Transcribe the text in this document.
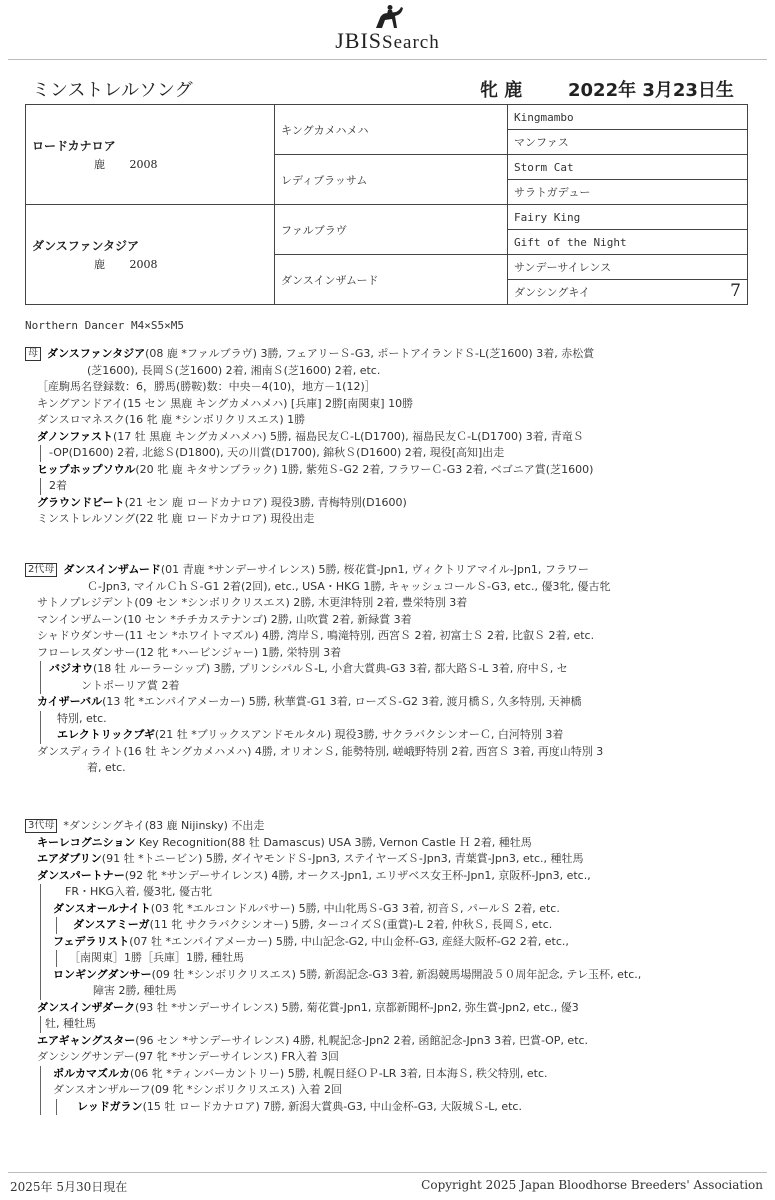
JBISSearch
ミンストレルソング	牝 鹿	2022年 3月23日生
ロードカナロア
鹿 2008	キングカメハメハ	Kingmambo
		マンファス
	レディブラッサム	Storm Cat
		サラトガデュー

ダンスファンタジア
鹿 2008	ファルブラヴ	Fairy King
		Gift of the Night
	ダンスインザムード	サンデーサイレンス
		ダンシングキイ 7
Northern Dancer M4×S5×M5
母 ダンスファンタジア(08 鹿 *ファルブラヴ) 3勝, フェアリーＳ-G3, ポートアイランドＳ-L(芝1600) 3着, 赤松賞
(芝1600), 長岡Ｓ(芝1600) 2着, 湘南Ｓ(芝1600) 2着, etc.
［産駒馬名登録数：6，勝馬(勝鞍)数：中央－4(10)，地方－1(12)］
キングアンドアイ(15 セン 黒鹿 キングカメハメハ) [兵庫] 2勝[南関東] 10勝
ダンスロマネスク(16 牝 鹿 *シンボリクリスエス) 1勝
ダノンファスト(17 牡 黒鹿 キングカメハメハ) 5勝, 福島民友Ｃ-L(D1700), 福島民友Ｃ-L(D1700) 3着, 青竜Ｓ
-OP(D1600) 2着, 北総Ｓ(D1800), 天の川賞(D1700), 錦秋Ｓ(D1600) 2着, 現役[高知]出走
ヒップホップソウル(20 牝 鹿 キタサンブラック) 1勝, 紫苑Ｓ-G2 2着, フラワーＣ-G3 2着, ベゴニア賞(芝1600)
2着
グラウンドビート(21 セン 鹿 ロードカナロア) 現役3勝, 青梅特別(D1600)
ミンストレルソング(22 牝 鹿 ロードカナロア) 現役出走
2代母 ダンスインザムード(01 青鹿 *サンデーサイレンス) 5勝, 桜花賞-Jpn1, ヴィクトリアマイル-Jpn1, フラワー
Ｃ-Jpn3, マイルＣｈＳ-G1 2着(2回), etc., USA・HKG 1勝, キャッシュコールＳ-G3, etc., 優3牝, 優古牝
サトノプレジデント(09 セン *シンボリクリスエス) 2勝, 木更津特別 2着, 豊栄特別 3着
マンインザムーン(10 セン *チチカステナンゴ) 2勝, 山吹賞 2着, 新緑賞 3着
シャドウダンサー(11 セン *ホワイトマズル) 4勝, 湾岸Ｓ, 鳴滝特別, 西宮Ｓ 2着, 初富士Ｓ 2着, 比叡Ｓ 2着, etc.
フローレスダンサー(12 牝 *ハービンジャー) 1勝, 栄特別 3着
バジオウ(18 牡 ルーラーシップ) 3勝, プリンシパルＳ-L, 小倉大賞典-G3 3着, 都大路Ｓ-L 3着, 府中Ｓ, セ
ントポーリア賞 2着
カイザーバル(13 牝 *エンパイアメーカー) 5勝, 秋華賞-G1 3着, ローズＳ-G2 3着, 渡月橋Ｓ, 久多特別, 天神橋
特別, etc.
エレクトリックブギ(21 牡 *ブリックスアンドモルタル) 現役3勝, サクラバクシンオーＣ, 白河特別 3着
ダンスディライト(16 牡 キングカメハメハ) 4勝, オリオンＳ, 能勢特別, 嵯峨野特別 2着, 西宮Ｓ 3着, 再度山特別 3
着, etc.
3代母 *ダンシングキイ(83 鹿 Nijinsky) 不出走
キーレコグニション Key Recognition(88 牡 Damascus) USA 3勝, Vernon Castle Ｈ 2着, 種牡馬
エアダブリン(91 牡 *トニービン) 5勝, ダイヤモンドＳ-Jpn3, ステイヤーズＳ-Jpn3, 青葉賞-Jpn3, etc., 種牡馬
ダンスパートナー(92 牝 *サンデーサイレンス) 4勝, オークス-Jpn1, エリザベス女王杯-Jpn1, 京阪杯-Jpn3, etc.,
FR・HKG入着, 優3牝, 優古牝
ダンスオールナイト(03 牝 *エルコンドルパサー) 5勝, 中山牝馬Ｓ-G3 3着, 初音Ｓ, パールＳ 2着, etc.
ダンスアミーガ(11 牝 サクラバクシンオー) 5勝, ターコイズＳ(重賞)-L 2着, 仲秋Ｓ, 長岡Ｓ, etc.
フェデラリスト(07 牡 *エンパイアメーカー) 5勝, 中山記念-G2, 中山金杯-G3, 産経大阪杯-G2 2着, etc.,
［南関東］1勝［兵庫］1勝, 種牡馬
ロンギングダンサー(09 牡 *シンボリクリスエス) 5勝, 新潟記念-G3 3着, 新潟競馬場開設５０周年記念, テレ玉杯, etc.,
障害 2勝, 種牡馬
ダンスインザダーク(93 牡 *サンデーサイレンス) 5勝, 菊花賞-Jpn1, 京都新聞杯-Jpn2, 弥生賞-Jpn2, etc., 優3
牡, 種牡馬
エアギャングスター(96 セン *サンデーサイレンス) 4勝, 札幌記念-Jpn2 2着, 函館記念-Jpn3 3着, 巴賞-OP, etc.
ダンシングサンデー(97 牝 *サンデーサイレンス) FR入着 3回
ポルカマズルカ(06 牝 *ティンバーカントリー) 5勝, 札幌日経ＯＰ-LR 3着, 日本海Ｓ, 秩父特別, etc.
ダンスオンザルーフ(09 牝 *シンボリクリスエス) 入着 2回
レッドガラン(15 牡 ロードカナロア) 7勝, 新潟大賞典-G3, 中山金杯-G3, 大阪城Ｓ-L, etc.
2025年 5月30日現在	Copyright 2025 Japan Bloodhorse Breeders' Association
